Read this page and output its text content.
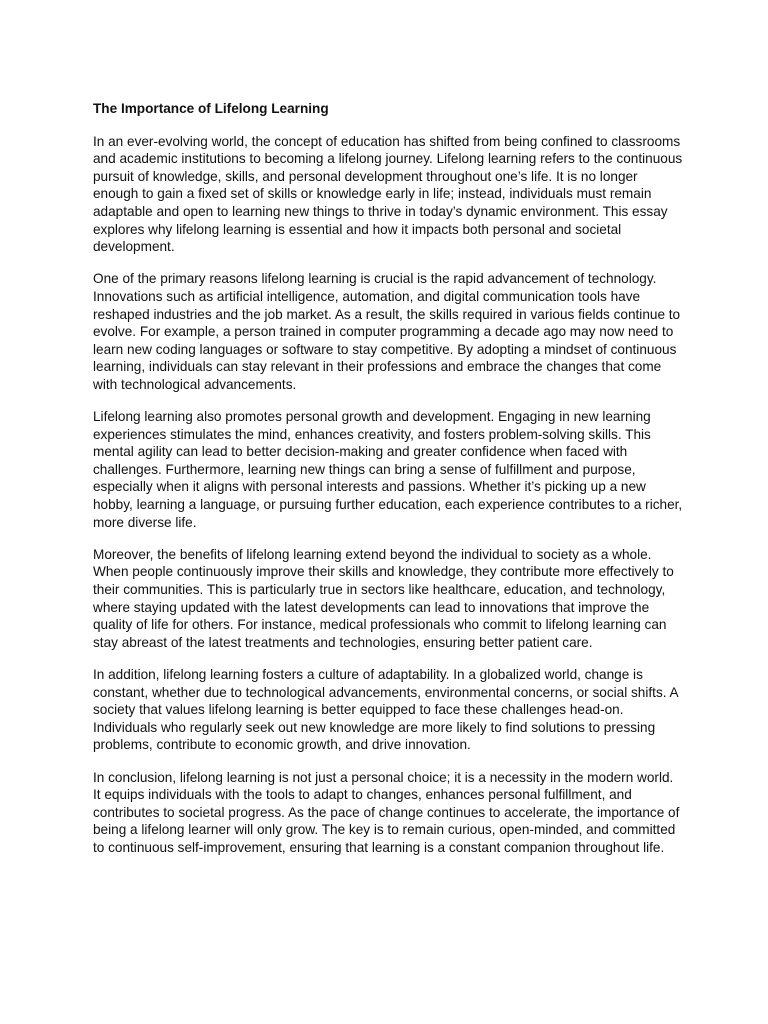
The Importance of Lifelong Learning

In an ever-evolving world, the concept of education has shifted from being confined to classrooms and academic institutions to becoming a lifelong journey. Lifelong learning refers to the continuous pursuit of knowledge, skills, and personal development throughout one’s life. It is no longer enough to gain a fixed set of skills or knowledge early in life; instead, individuals must remain adaptable and open to learning new things to thrive in today’s dynamic environment. This essay explores why lifelong learning is essential and how it impacts both personal and societal development.

One of the primary reasons lifelong learning is crucial is the rapid advancement of technology. Innovations such as artificial intelligence, automation, and digital communication tools have reshaped industries and the job market. As a result, the skills required in various fields continue to evolve. For example, a person trained in computer programming a decade ago may now need to learn new coding languages or software to stay competitive. By adopting a mindset of continuous learning, individuals can stay relevant in their professions and embrace the changes that come with technological advancements.

Lifelong learning also promotes personal growth and development. Engaging in new learning experiences stimulates the mind, enhances creativity, and fosters problem-solving skills. This mental agility can lead to better decision-making and greater confidence when faced with challenges. Furthermore, learning new things can bring a sense of fulfillment and purpose, especially when it aligns with personal interests and passions. Whether it’s picking up a new hobby, learning a language, or pursuing further education, each experience contributes to a richer, more diverse life.

Moreover, the benefits of lifelong learning extend beyond the individual to society as a whole. When people continuously improve their skills and knowledge, they contribute more effectively to their communities. This is particularly true in sectors like healthcare, education, and technology, where staying updated with the latest developments can lead to innovations that improve the quality of life for others. For instance, medical professionals who commit to lifelong learning can stay abreast of the latest treatments and technologies, ensuring better patient care.

In addition, lifelong learning fosters a culture of adaptability. In a globalized world, change is constant, whether due to technological advancements, environmental concerns, or social shifts. A society that values lifelong learning is better equipped to face these challenges head-on. Individuals who regularly seek out new knowledge are more likely to find solutions to pressing problems, contribute to economic growth, and drive innovation.

In conclusion, lifelong learning is not just a personal choice; it is a necessity in the modern world. It equips individuals with the tools to adapt to changes, enhances personal fulfillment, and contributes to societal progress. As the pace of change continues to accelerate, the importance of being a lifelong learner will only grow. The key is to remain curious, open-minded, and committed to continuous self-improvement, ensuring that learning is a constant companion throughout life.
